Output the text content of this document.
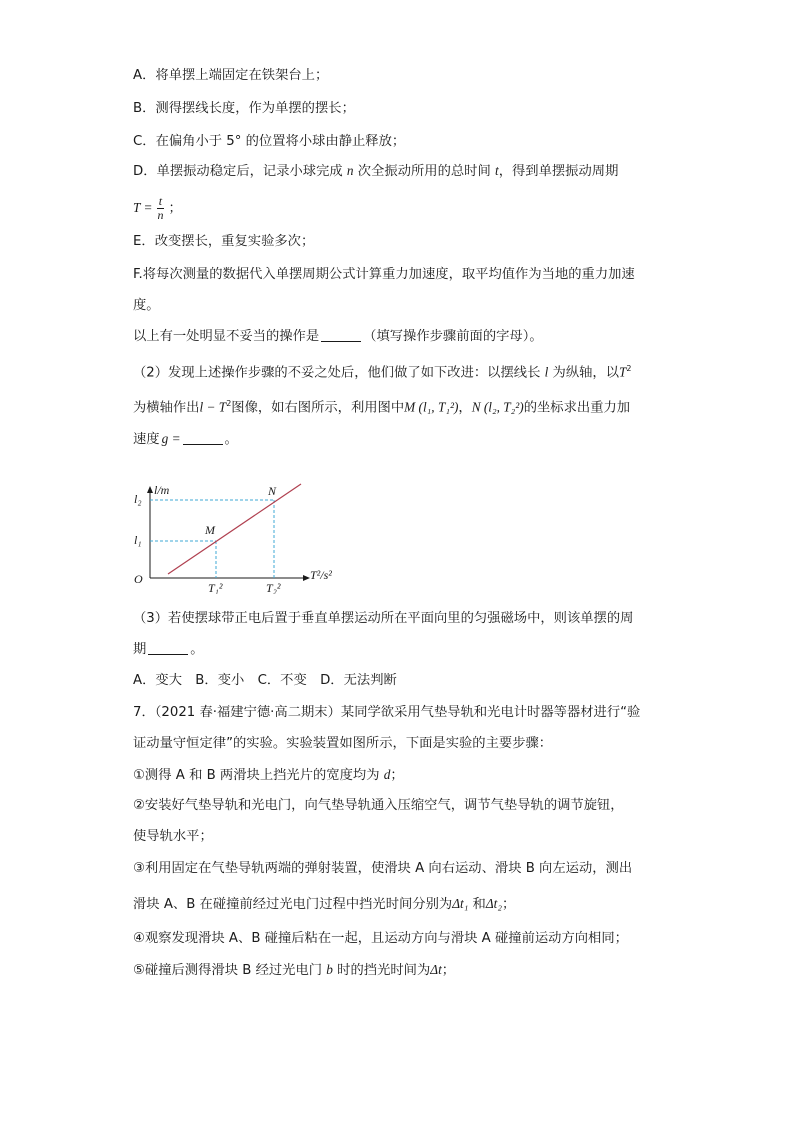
A．将单摆上端固定在铁架台上；
B．测得摆线长度，作为单摆的摆长；
C．在偏角小于 5° 的位置将小球由静止释放；
D．单摆振动稳定后，记录小球完成 n 次全振动所用的总时间 t，得到单摆振动周期
$T = \frac{t}{n}$ ；
E．改变摆长，重复实验多次；
F.将每次测量的数据代入单摆周期公式计算重力加速度，取平均值作为当地的重力加速
度。
以上有一处明显不妥当的操作是	（填写操作步骤前面的字母）。
（2）发现上述操作步骤的不妥之处后，他们做了如下改进：以摆线长 l 为纵轴，以$T^2$
为横轴作出$l - T^2$图像，如右图所示，利用图中M (l₁, T₁²)，N (l₂, T₂²)的坐标求出重力加
速度 g =	。
l/m
T²/s²
O
l₂
l₁
M
N
T₁²	T₂²
（3）若使摆球带正电后置于垂直单摆运动所在平面向里的匀强磁场中，则该单摆的周
期	。
A．变大　B．变小　C．不变　D．无法判断
7．（2021 春·福建宁德·高二期末）某同学欲采用气垫导轨和光电计时器等器材进行“验
证动量守恒定律”的实验。实验装置如图所示，下面是实验的主要步骤：
①测得 A 和 B 两滑块上挡光片的宽度均为 d；
②安装好气垫导轨和光电门，向气垫导轨通入压缩空气，调节气垫导轨的调节旋钮，
使导轨水平；
③利用固定在气垫导轨两端的弹射装置，使滑块 A 向右运动、滑块 B 向左运动，测出
滑块 A、B 在碰撞前经过光电门过程中挡光时间分别为Δt₁ 和Δt₂；
④观察发现滑块 A、B 碰撞后粘在一起，且运动方向与滑块 A 碰撞前运动方向相同；
⑤碰撞后测得滑块 B 经过光电门 b 时的挡光时间为Δt；
